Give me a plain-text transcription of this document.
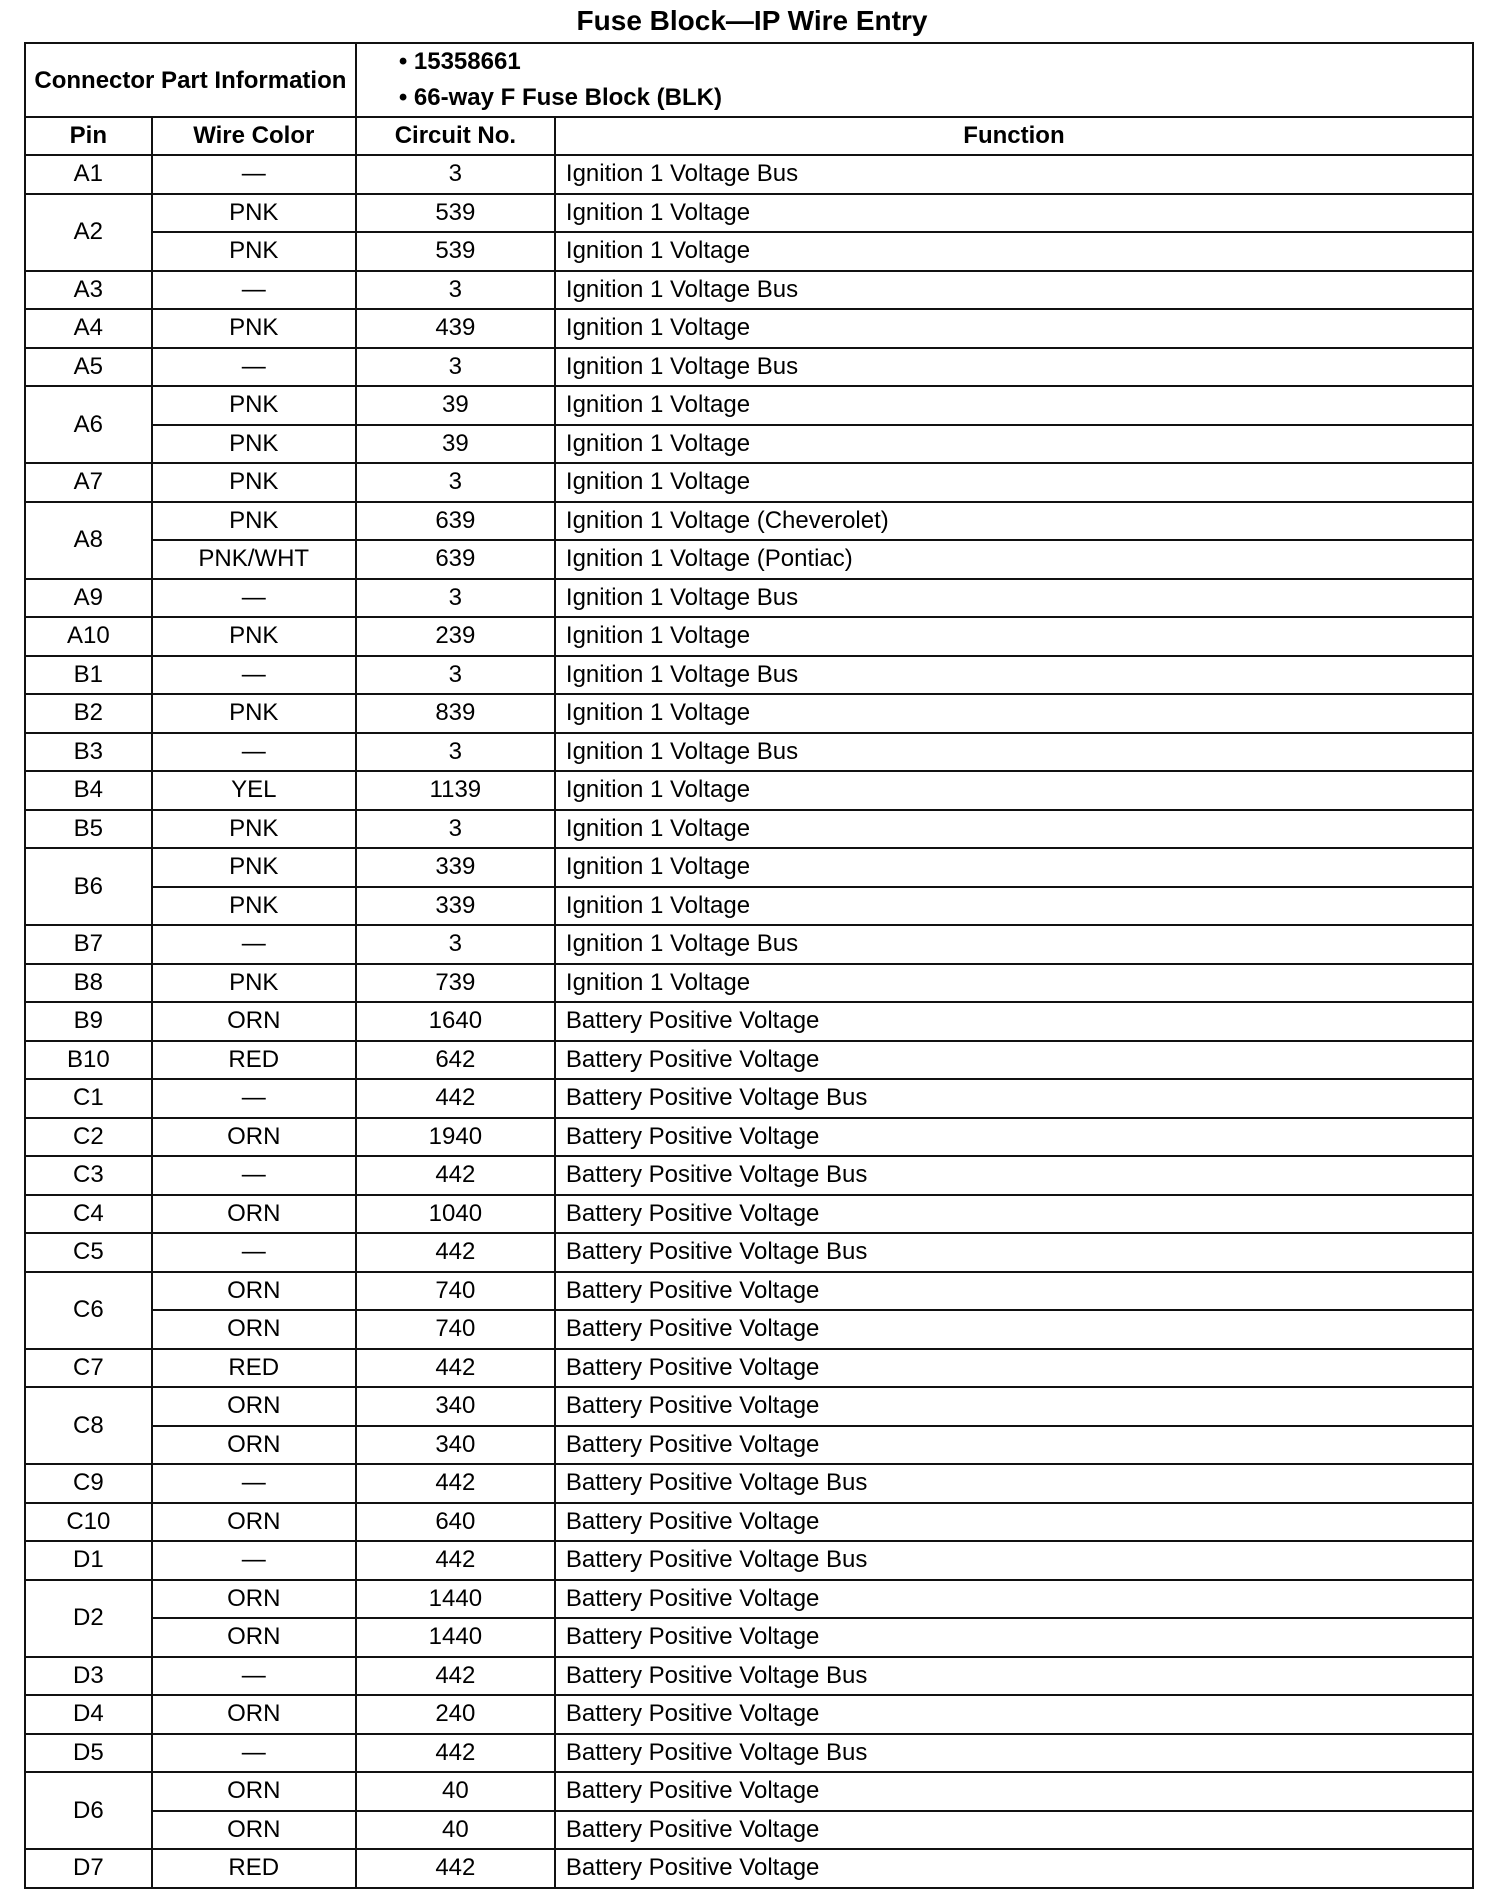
Fuse Block—IP Wire Entry
Connector Part Information		• 15358661
• 66-way F Fuse Block (BLK)	

Pin	Wire Color	Circuit No.	Function
A1	—	3	Ignition 1 Voltage Bus
A2	PNK	539	Ignition 1 Voltage
	PNK	539	Ignition 1 Voltage
A3	—	3	Ignition 1 Voltage Bus
A4	PNK	439	Ignition 1 Voltage
A5	—	3	Ignition 1 Voltage Bus
A6	PNK	39	Ignition 1 Voltage
	PNK	39	Ignition 1 Voltage
A7	PNK	3	Ignition 1 Voltage
A8	PNK	639	Ignition 1 Voltage (Cheverolet)
	PNK/WHT	639	Ignition 1 Voltage (Pontiac)
A9	—	3	Ignition 1 Voltage Bus
A10	PNK	239	Ignition 1 Voltage
B1	—	3	Ignition 1 Voltage Bus
B2	PNK	839	Ignition 1 Voltage
B3	—	3	Ignition 1 Voltage Bus
B4	YEL	1139	Ignition 1 Voltage
B5	PNK	3	Ignition 1 Voltage
B6	PNK	339	Ignition 1 Voltage
	PNK	339	Ignition 1 Voltage
B7	—	3	Ignition 1 Voltage Bus
B8	PNK	739	Ignition 1 Voltage
B9	ORN	1640	Battery Positive Voltage
B10	RED	642	Battery Positive Voltage
C1	—	442	Battery Positive Voltage Bus
C2	ORN	1940	Battery Positive Voltage
C3	—	442	Battery Positive Voltage Bus
C4	ORN	1040	Battery Positive Voltage
C5	—	442	Battery Positive Voltage Bus
C6	ORN	740	Battery Positive Voltage
	ORN	740	Battery Positive Voltage
C7	RED	442	Battery Positive Voltage
C8	ORN	340	Battery Positive Voltage
	ORN	340	Battery Positive Voltage
C9	—	442	Battery Positive Voltage Bus
C10	ORN	640	Battery Positive Voltage
D1	—	442	Battery Positive Voltage Bus
D2	ORN	1440	Battery Positive Voltage
	ORN	1440	Battery Positive Voltage
D3	—	442	Battery Positive Voltage Bus
D4	ORN	240	Battery Positive Voltage
D5	—	442	Battery Positive Voltage Bus
D6	ORN	40	Battery Positive Voltage
	ORN	40	Battery Positive Voltage
D7	RED	442	Battery Positive Voltage
